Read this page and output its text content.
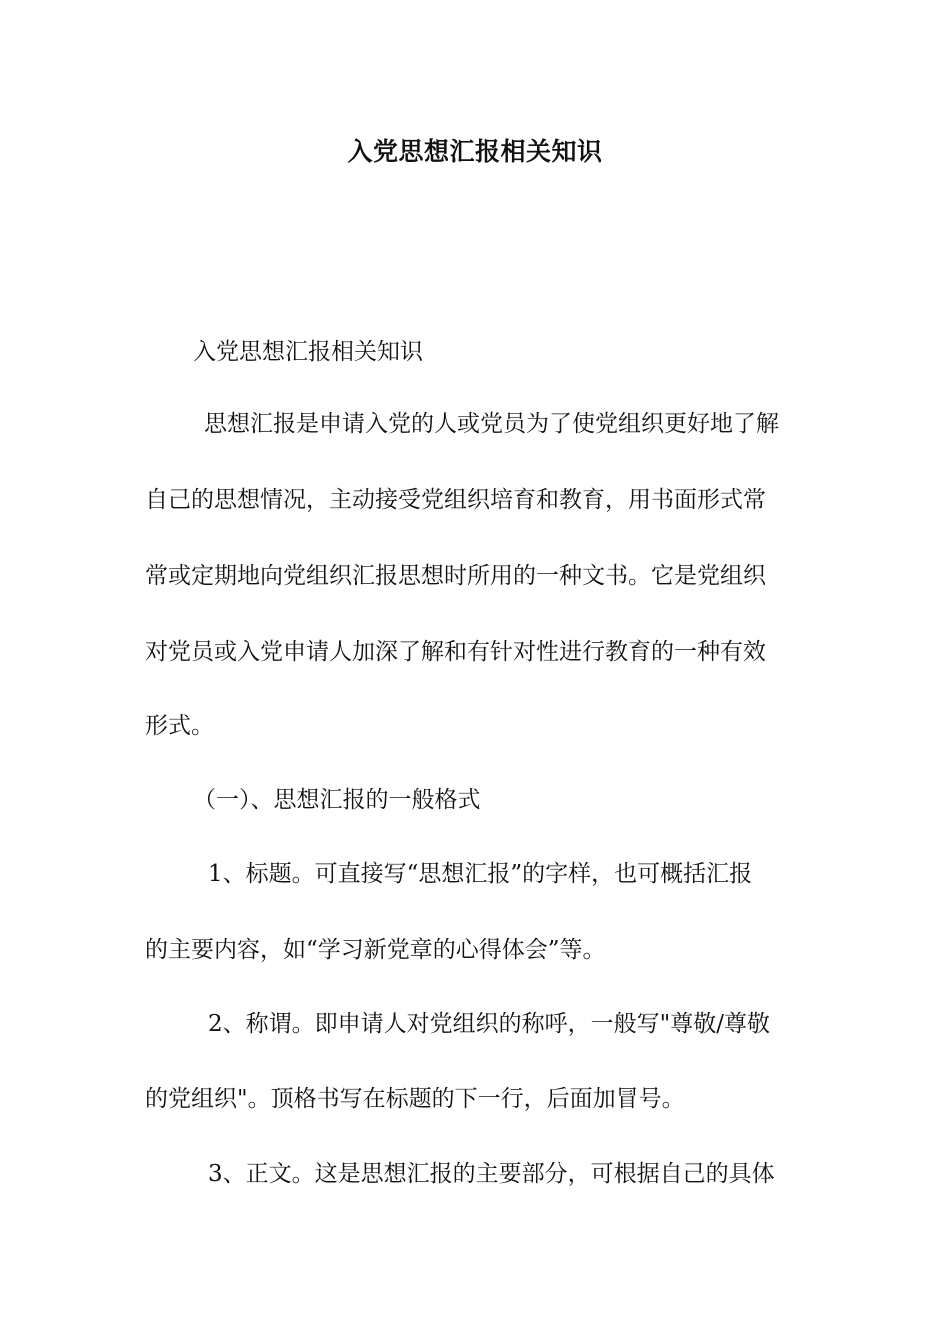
入党思想汇报相关知识
入党思想汇报相关知识
思想汇报是申请入党的人或党员为了使党组织更好地了解
自己的思想情况，主动接受党组织培育和教育，用书面形式常
常或定期地向党组织汇报思想时所用的一种文书。它是党组织
对党员或入党申请人加深了解和有针对性进行教育的一种有效
形式。
（一）、思想汇报的一般格式
1、标题。可直接写“思想汇报”的字样，也可概括汇报
的主要内容，如“学习新党章的心得体会”等。
2、称谓。即申请人对党组织的称呼，一般写"尊敬/尊敬
的党组织"。顶格书写在标题的下一行，后面加冒号。
3、正文。这是思想汇报的主要部分，可根据自己的具体
